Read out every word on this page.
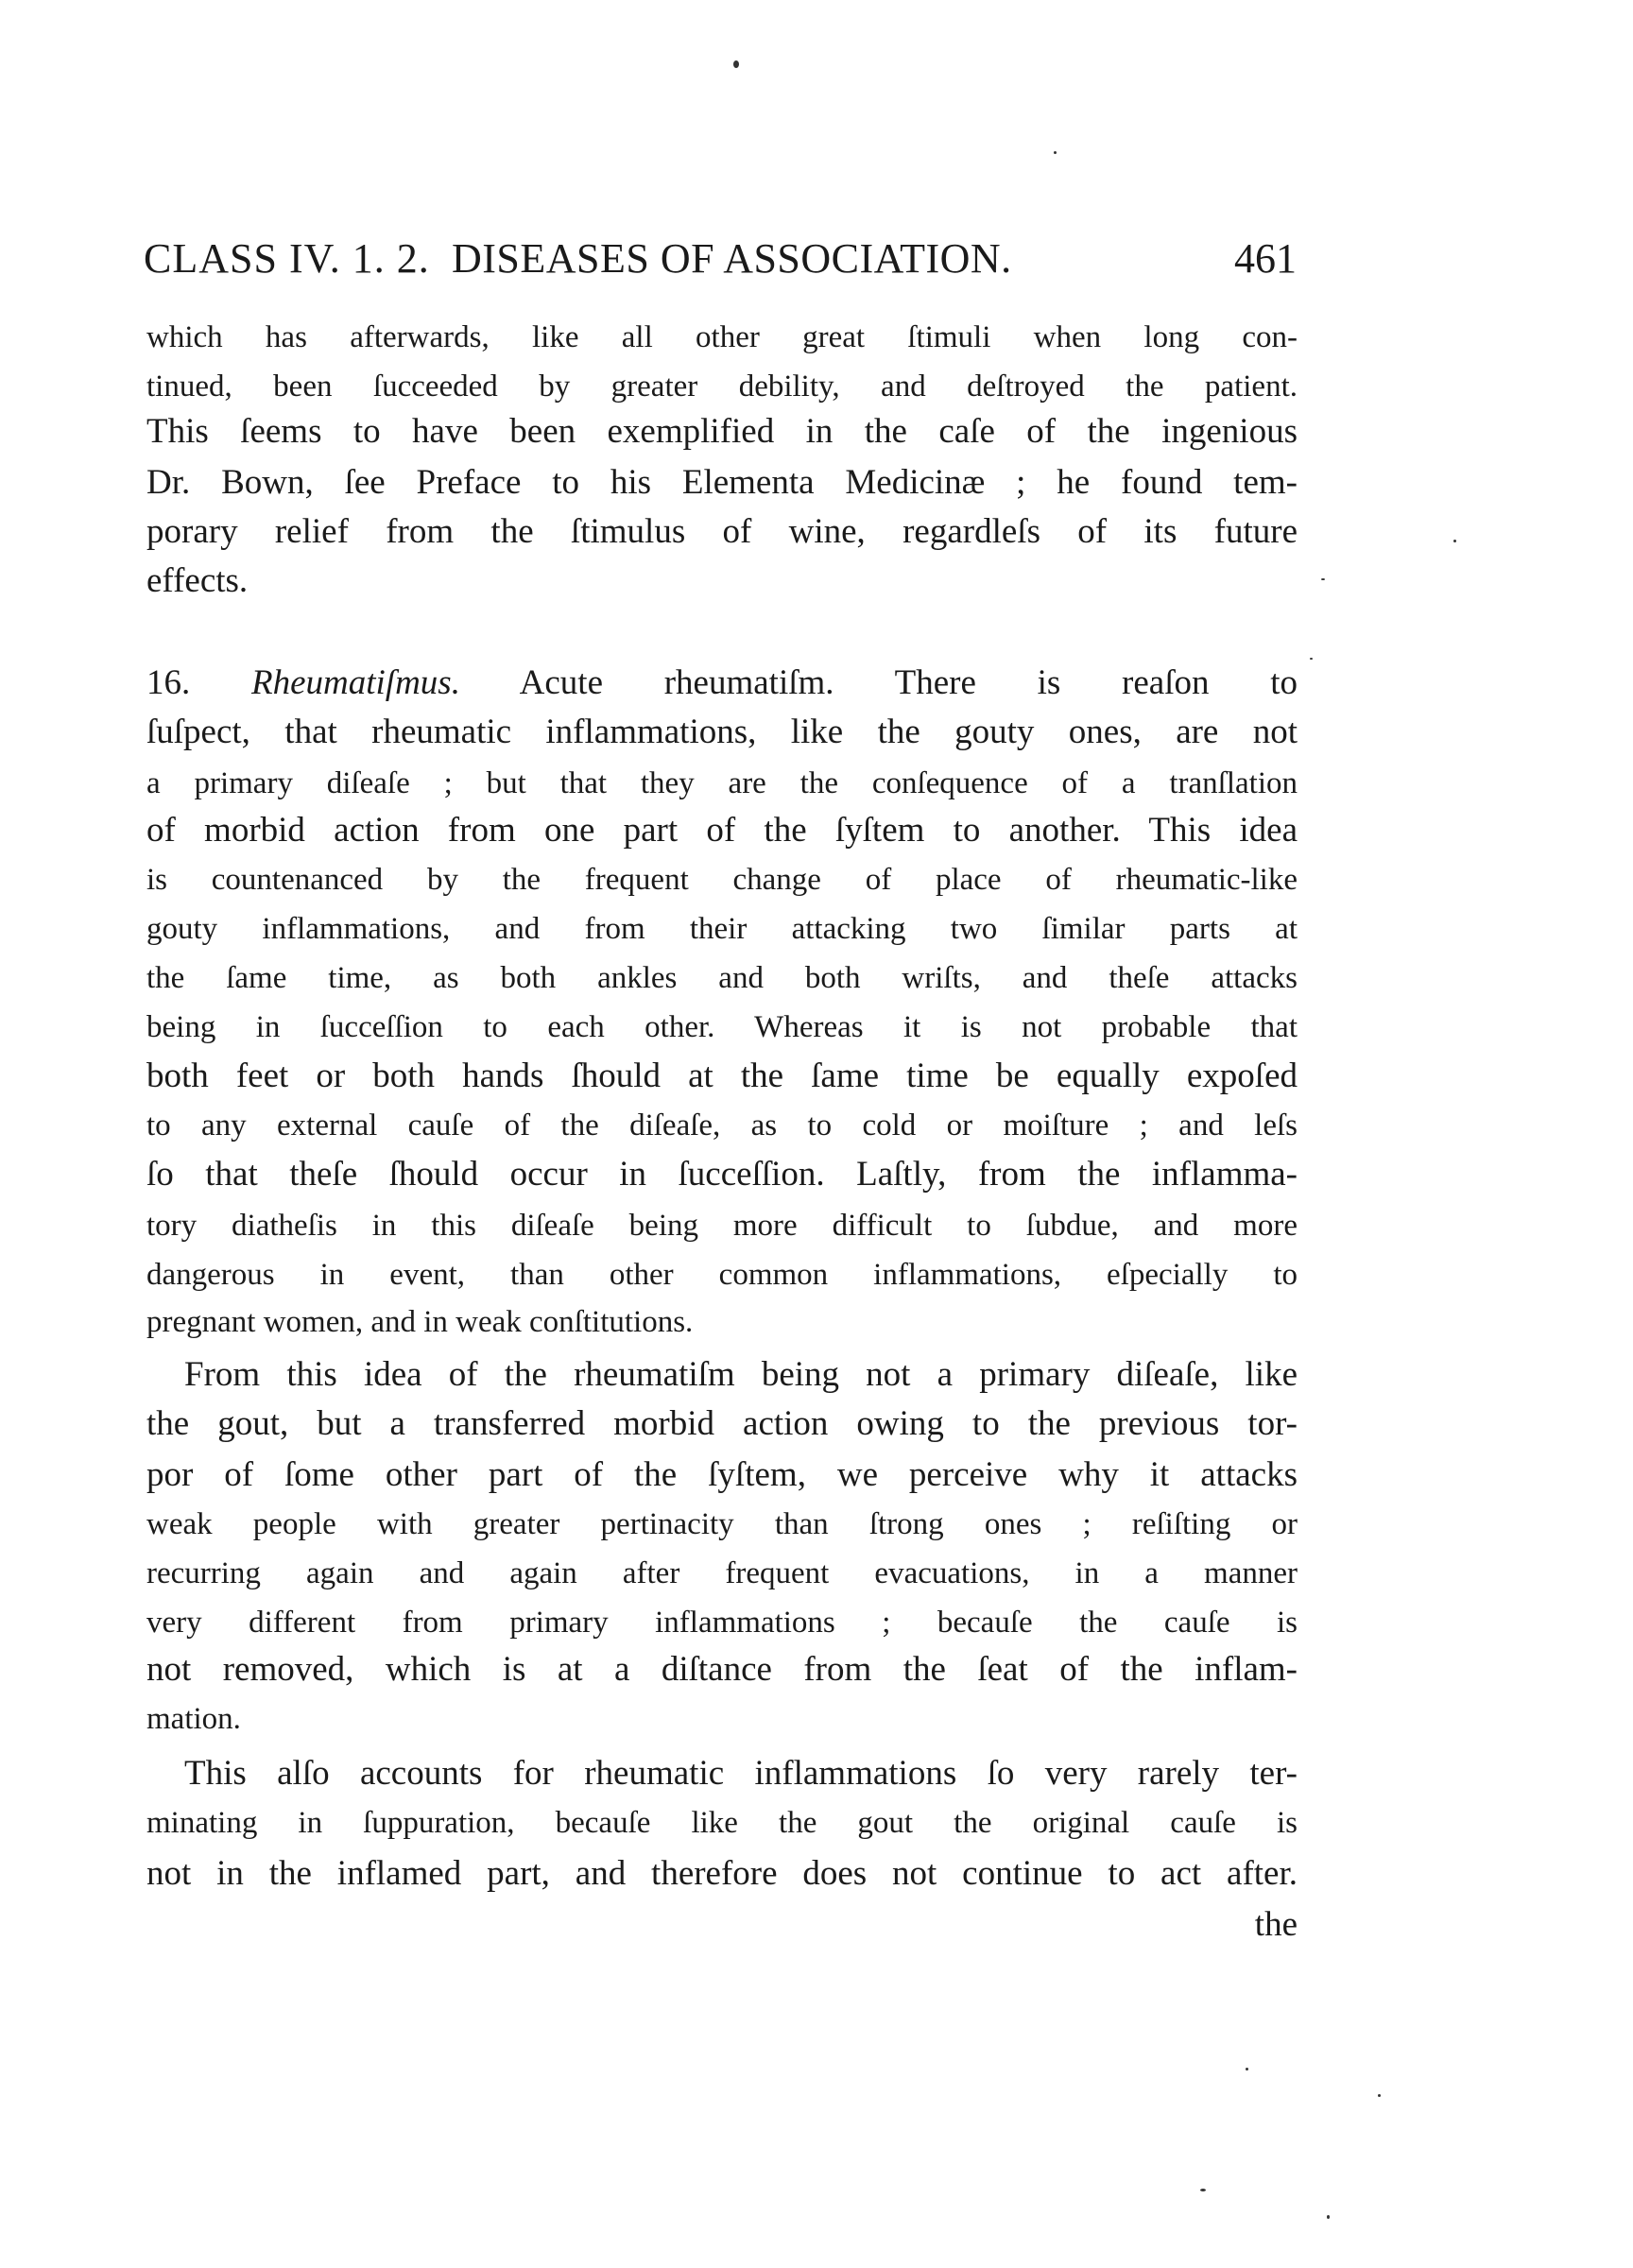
CLASS IV. 1. 2. DISEASES OF ASSOCIATION.	461
which has afterwards, like all other great ſtimuli when long con-
tinued, been ſucceeded by greater debility, and deſtroyed the patient.
This ſeems to have been exemplified in the caſe of the ingenious
Dr. Bown, ſee Preface to his Elementa Medicinæ ; he found tem-
porary relief from the ſtimulus of wine, regardleſs of its future
effects.
16. Rheumatiſmus. Acute rheumatiſm. There is reaſon to
ſuſpect, that rheumatic inflammations, like the gouty ones, are not
a primary diſeaſe ; but that they are the conſequence of a tranſlation
of morbid action from one part of the ſyſtem to another. This idea
is countenanced by the frequent change of place of rheumatic-like
gouty inflammations, and from their attacking two ſimilar parts at
the ſame time, as both ankles and both wriſts, and theſe attacks
being in ſucceſſion to each other. Whereas it is not probable that
both feet or both hands ſhould at the ſame time be equally expoſed
to any external cauſe of the diſeaſe, as to cold or moiſture ; and leſs
ſo that theſe ſhould occur in ſucceſſion. Laſtly, from the inflamma-
tory diatheſis in this diſeaſe being more difficult to ſubdue, and more
dangerous in event, than other common inflammations, eſpecially to
pregnant women, and in weak conſtitutions.
From this idea of the rheumatiſm being not a primary diſeaſe, like
the gout, but a transferred morbid action owing to the previous tor-
por of ſome other part of the ſyſtem, we perceive why it attacks
weak people with greater pertinacity than ſtrong ones ; reſiſting or
recurring again and again after frequent evacuations, in a manner
very different from primary inflammations ; becauſe the cauſe is
not removed, which is at a diſtance from the ſeat of the inflam-
mation.
This alſo accounts for rheumatic inflammations ſo very rarely ter-
minating in ſuppuration, becauſe like the gout the original cauſe is
not in the inflamed part, and therefore does not continue to act after.
the
